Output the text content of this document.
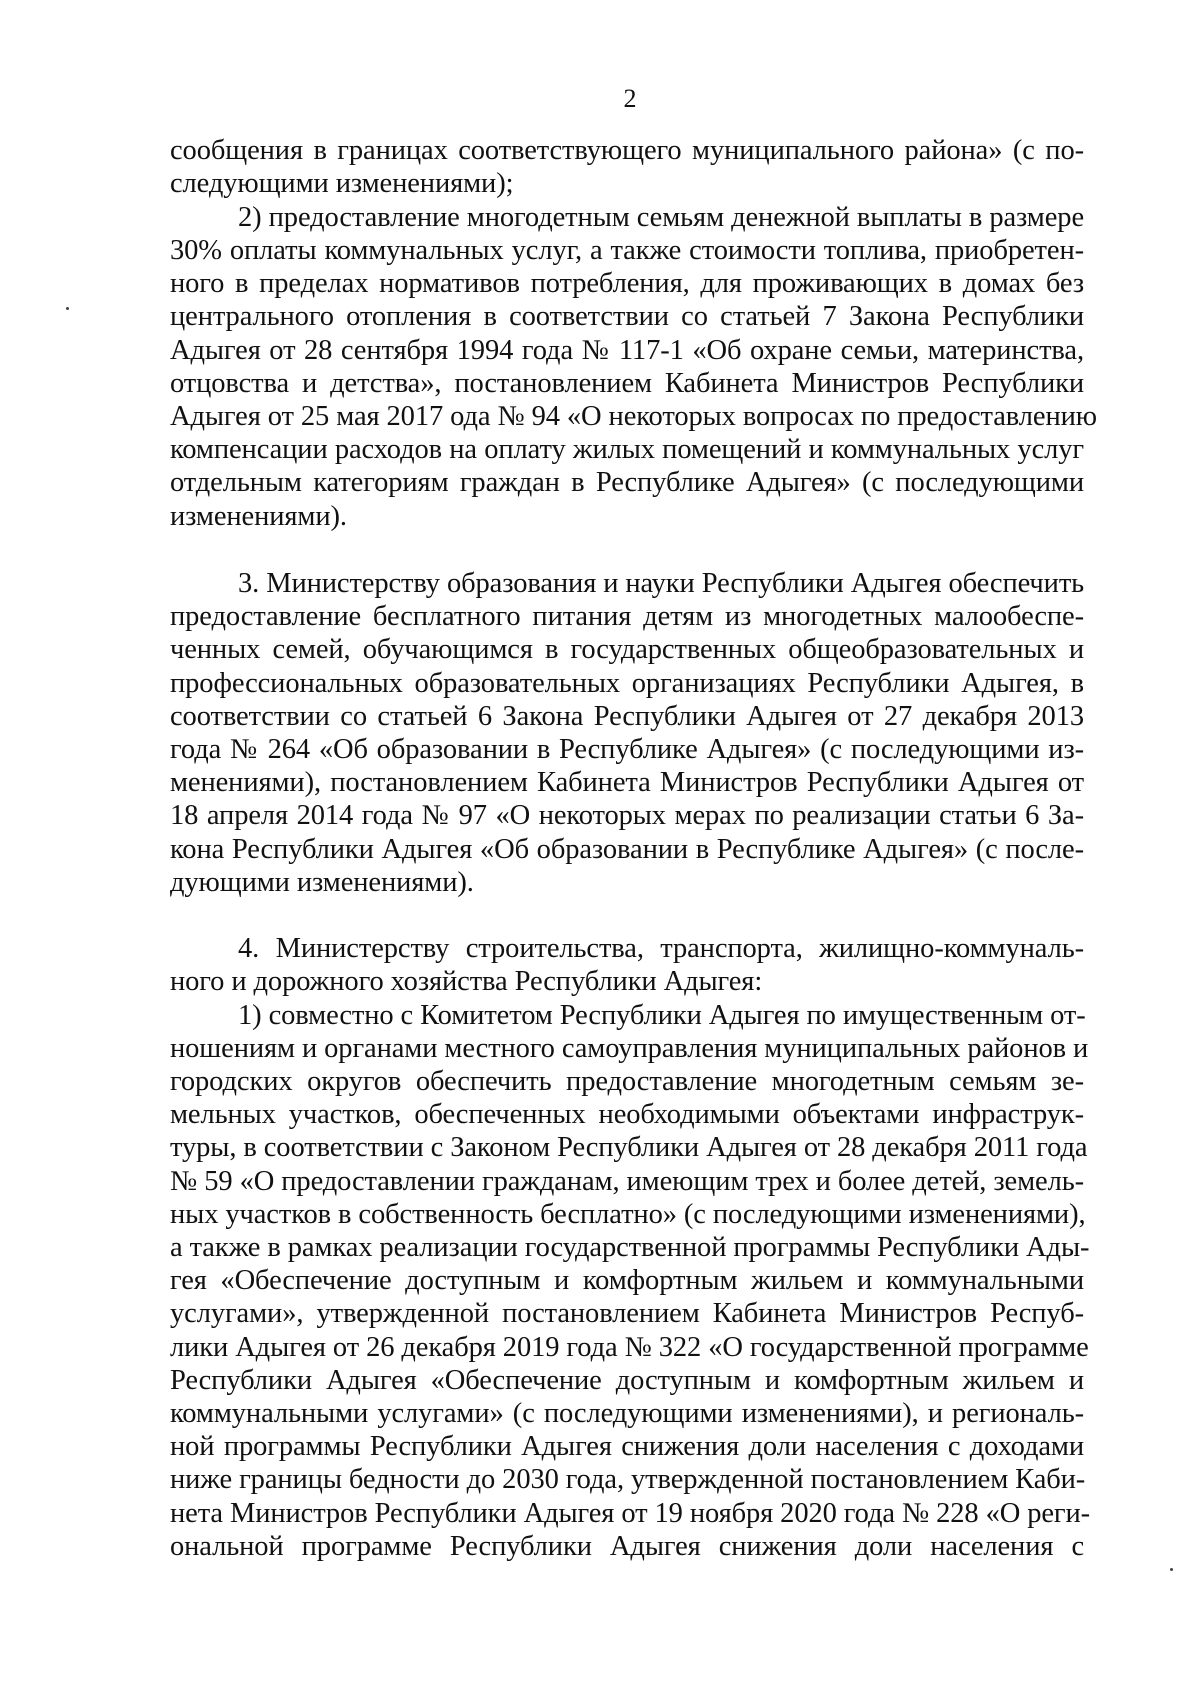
2
сообщения в границах соответствующего муниципального района» (с по-
следующими изменениями);
2) предоставление многодетным семьям денежной выплаты в размере
30% оплаты коммунальных услуг, а также стоимости топлива, приобретен-
ного в пределах нормативов потребления, для проживающих в домах без
центрального отопления в соответствии со статьей 7 Закона Республики
Адыгея от 28 сентября 1994 года № 117-1 «Об охране семьи, материнства,
отцовства и детства», постановлением Кабинета Министров Республики
Адыгея от 25 мая 2017 ода № 94 «О некоторых вопросах по предоставлению
компенсации расходов на оплату жилых помещений и коммунальных услуг
отдельным категориям граждан в Республике Адыгея» (с последующими
изменениями).
3. Министерству образования и науки Республики Адыгея обеспечить
предоставление бесплатного питания детям из многодетных малообеспе-
ченных семей, обучающимся в государственных общеобразовательных и
профессиональных образовательных организациях Республики Адыгея, в
соответствии со статьей 6 Закона Республики Адыгея от 27 декабря 2013
года № 264 «Об образовании в Республике Адыгея» (с последующими из-
менениями), постановлением Кабинета Министров Республики Адыгея от
18 апреля 2014 года № 97 «О некоторых мерах по реализации статьи 6 За-
кона Республики Адыгея «Об образовании в Республике Адыгея» (с после-
дующими изменениями).
4. Министерству строительства, транспорта, жилищно-коммуналь-
ного и дорожного хозяйства Республики Адыгея:
1) совместно с Комитетом Республики Адыгея по имущественным от-
ношениям и органами местного самоуправления муниципальных районов и
городских округов обеспечить предоставление многодетным семьям зе-
мельных участков, обеспеченных необходимыми объектами инфраструк-
туры, в соответствии с Законом Республики Адыгея от 28 декабря 2011 года
№ 59 «О предоставлении гражданам, имеющим трех и более детей, земель-
ных участков в собственность бесплатно» (с последующими изменениями),
а также в рамках реализации государственной программы Республики Ады-
гея «Обеспечение доступным и комфортным жильем и коммунальными
услугами», утвержденной постановлением Кабинета Министров Респуб-
лики Адыгея от 26 декабря 2019 года № 322 «О государственной программе
Республики Адыгея «Обеспечение доступным и комфортным жильем и
коммунальными услугами» (с последующими изменениями), и региональ-
ной программы Республики Адыгея снижения доли населения с доходами
ниже границы бедности до 2030 года, утвержденной постановлением Каби-
нета Министров Республики Адыгея от 19 ноября 2020 года № 228 «О реги-
ональной программе Республики Адыгея снижения доли населения с
